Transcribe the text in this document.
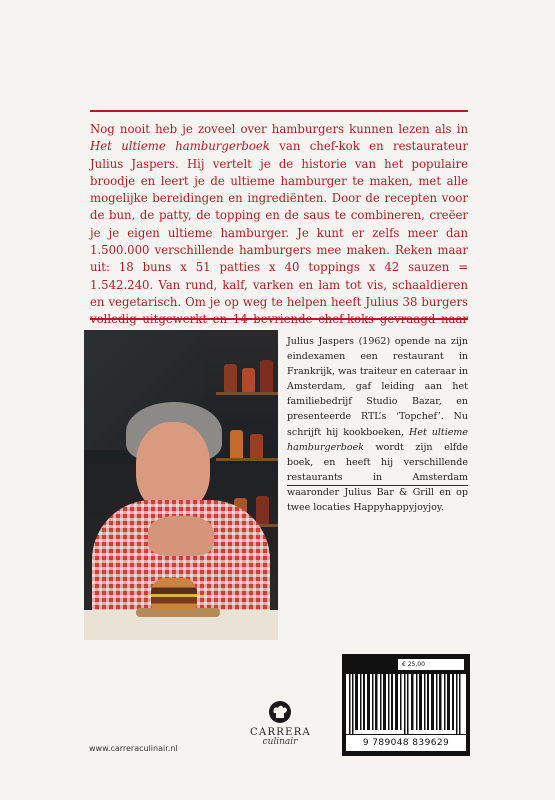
Nog nooit heb je zoveel over hamburgers kunnen lezen als in Het ultieme hamburgerboek van chef-kok en restaurateur Julius Jaspers. Hij vertelt je de historie van het populaire broodje en leert je de ultieme hamburger te maken, met alle mogelijke bereidingen en ingrediënten. Door de recepten voor de bun, de patty, de topping en de saus te combineren, creëer je je eigen ultieme hamburger. Je kunt er zelfs meer dan 1.500.000 verschillende hamburgers mee maken. Reken maar uit: 18 buns x 51 patties x 40 toppings x 42 sauzen = 1.542.240. Van rund, kalf, varken en lam tot vis, schaaldieren en vegetarisch. Om je op weg te helpen heeft Julius 38 burgers

Julius Jaspers (1962) opende na zijn eindexamen een restaurant in Frankrijk, was traiteur en cateraar in Amsterdam, gaf leiding aan het familiebedrijf Studio Bazar, en presenteerde RTL’s ‘Topchef’. Nu schrijft hij kookboeken, Het ultieme hamburgerboek wordt zijn elfde boek, en heeft hij verschillende restaurants in Amsterdam waaronder Julius Bar & Grill en op twee locaties Happyhappyjoyjoy.

€ 25,00
9 789048 839629
CARRERA
culinair
www.carreraculinair.nl
